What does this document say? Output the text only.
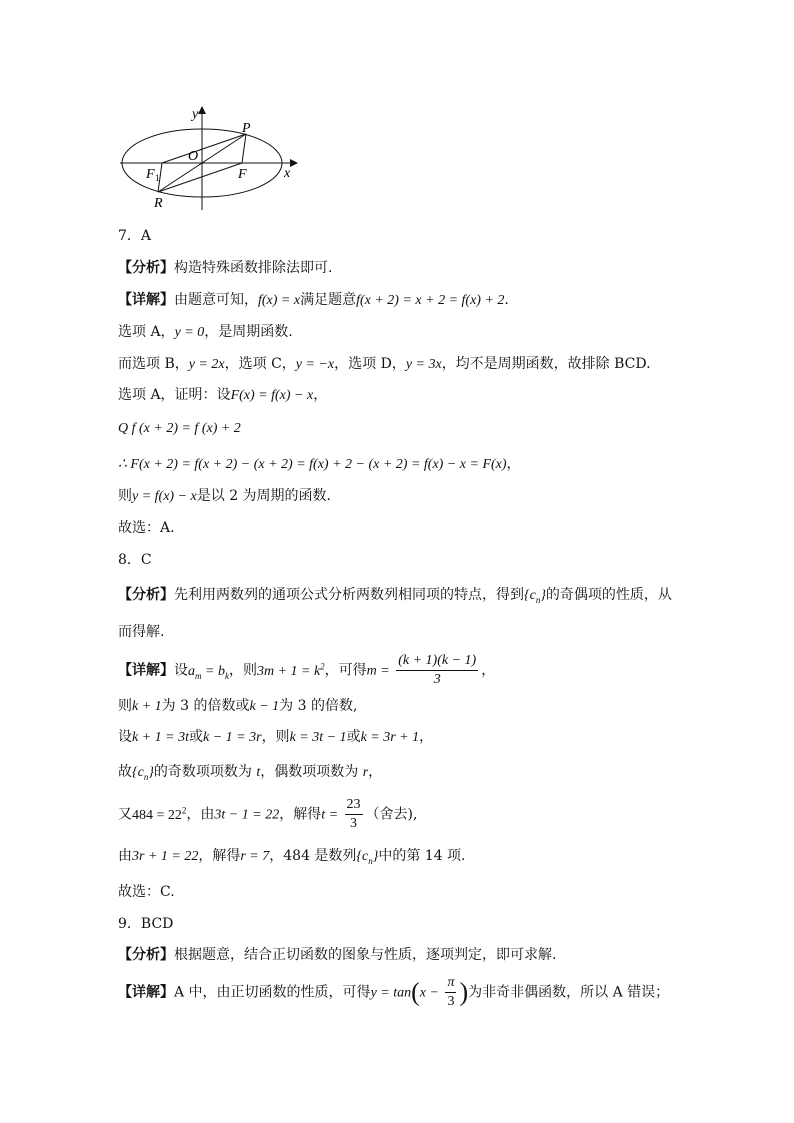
y
P
O
F 1	F	x
R
7．A
【分析】构造特殊函数排除法即可.
【详解】由题意可知，f(x) = x满足题意f(x + 2) = x + 2 = f(x) + 2.
选项 A，y = 0，是周期函数.
而选项 B，y = 2x，选项 C，y = −x，选项 D，y = 3x，均不是周期函数，故排除 BCD.
选项 A，证明：设F(x) = f(x) − x，
Q f (x + 2) = f (x) + 2
∴ F(x + 2) = f(x + 2) − (x + 2) = f(x) + 2 − (x + 2) = f(x) − x = F(x)，
则y = f(x) − x是以 2 为周期的函数.
故选：A.
8．C
【分析】先利用两数列的通项公式分析两数列相同项的特点，得到$\{c_n\}$的奇偶项的性质，从
而得解.
【详解】设$a_m = b_k$，则$3m + 1 = k^2$，可得$m = \frac{(k + 1)(k - 1)}{3}$ ，
则k + 1为 3 的倍数或k − 1为 3 的倍数,
设k + 1 = 3t或k − 1 = 3r，则k = 3t − 1或k = 3r + 1，
故$\{c_n\}$的奇数项项数为 t，偶数项项数为 r，
又$484 = 22^2$，由3t − 1 = 22，解得$t = \frac{23}{3}$ （舍去),
由3r + 1 = 22，解得r = 7，484 是数列$\{c_n\}$中的第 14 项.
故选：C.
9．BCD
【分析】根据题意，结合正切函数的图象与性质，逐项判定，即可求解.
【详解】A 中，由正切函数的性质，可得$y = \tan(x - \frac{\pi}{3}$ )为非奇非偶函数，所以 A 错误；
